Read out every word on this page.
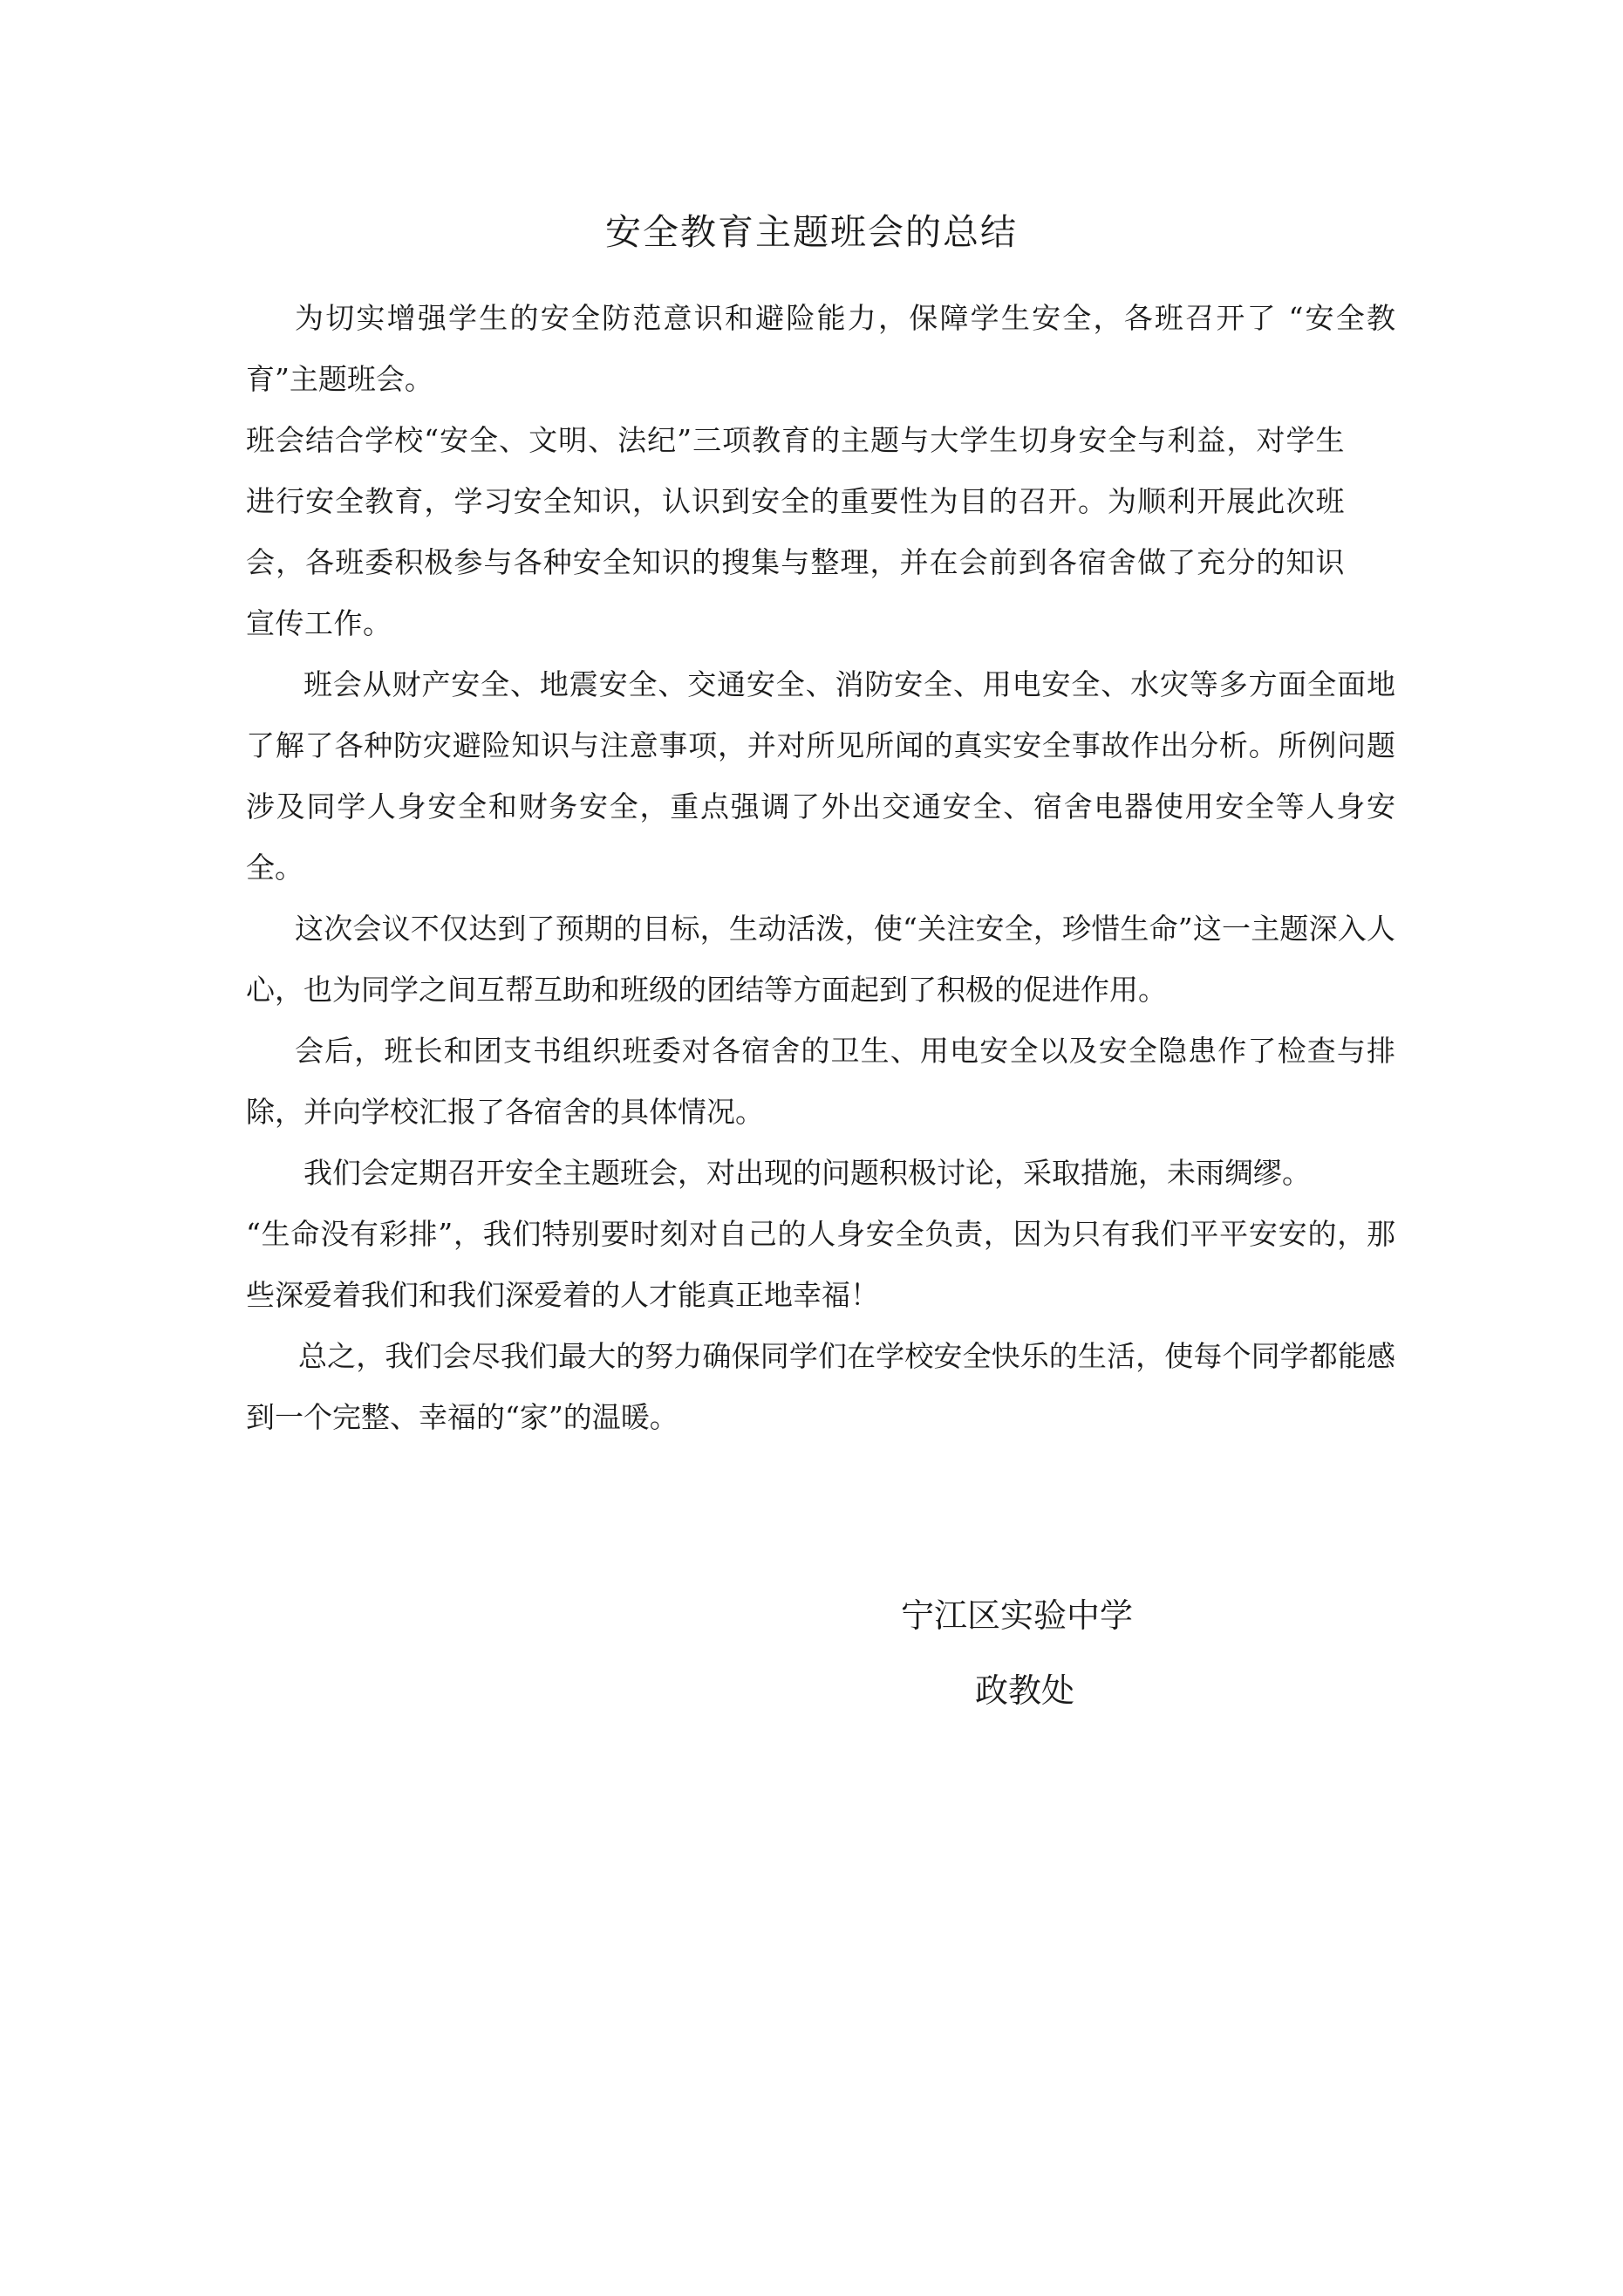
安全教育主题班会的总结

为切实增强学生的安全防范意识和避险能力，保障学生安全，各班召开了 “安全教育”主题班会。

班会结合学校“安全、文明、法纪”三项教育的主题与大学生切身安全与利益，对学生进行安全教育，学习安全知识，认识到安全的重要性为目的召开。为顺利开展此次班会，各班委积极参与各种安全知识的搜集与整理，并在会前到各宿舍做了充分的知识宣传工作。

班会从财产安全、地震安全、交通安全、消防安全、用电安全、水灾等多方面全面地了解了各种防灾避险知识与注意事项，并对所见所闻的真实安全事故作出分析。所例问题涉及同学人身安全和财务安全，重点强调了外出交通安全、宿舍电器使用安全等人身安全。

这次会议不仅达到了预期的目标，生动活泼，使“关注安全，珍惜生命”这一主题深入人心，也为同学之间互帮互助和班级的团结等方面起到了积极的促进作用。

会后，班长和团支书组织班委对各宿舍的卫生、用电安全以及安全隐患作了检查与排除，并向学校汇报了各宿舍的具体情况。

我们会定期召开安全主题班会，对出现的问题积极讨论，采取措施，未雨绸缪。

“生命没有彩排”，我们特别要时刻对自己的人身安全负责，因为只有我们平平安安的，那些深爱着我们和我们深爱着的人才能真正地幸福！

总之，我们会尽我们最大的努力确保同学们在学校安全快乐的生活，使每个同学都能感到一个完整、幸福的“家”的温暖。

宁江区实验中学
政教处
